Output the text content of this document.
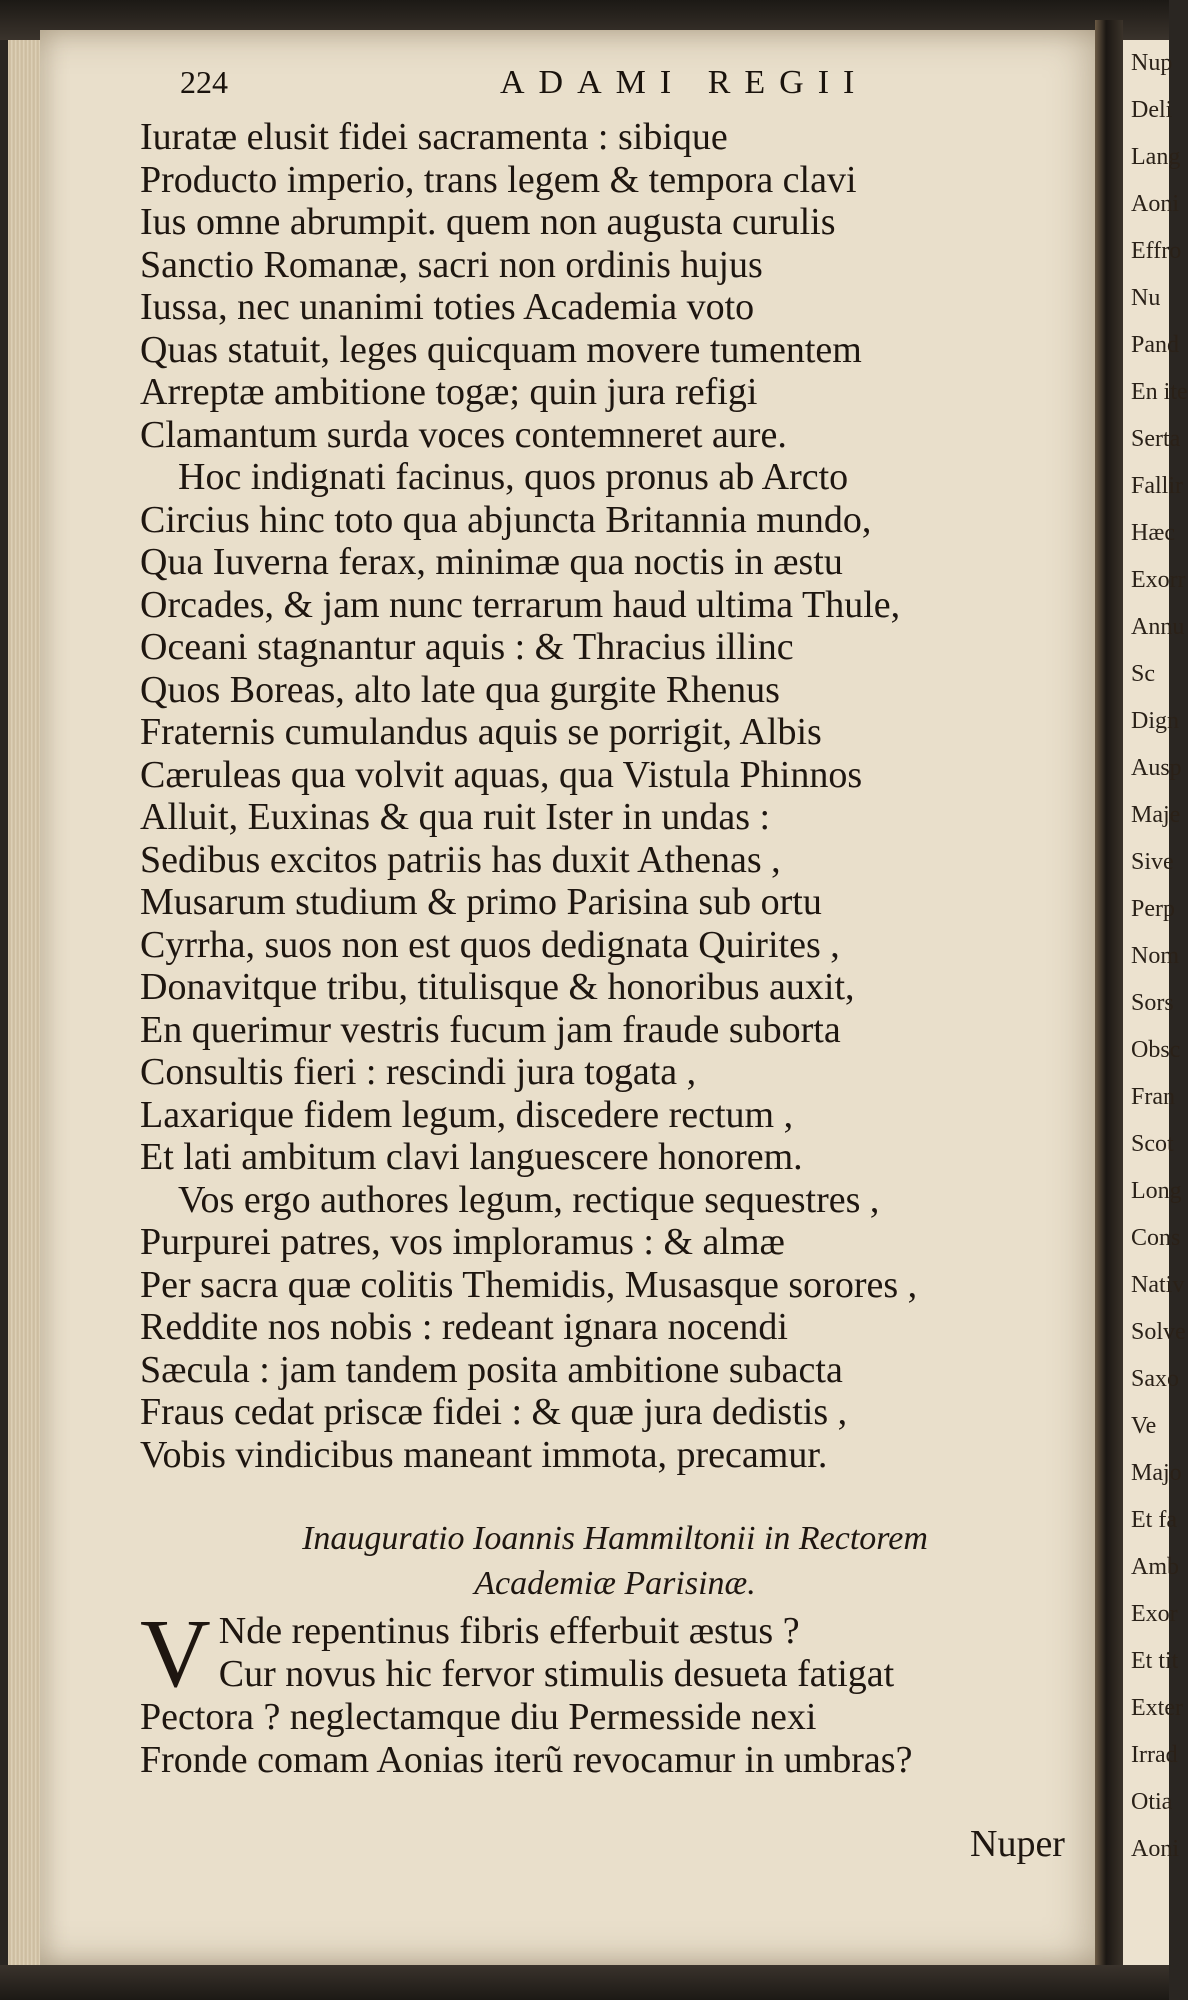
224	ADAMI REGII

Iuratæ elusit fidei sacramenta : sibique

Producto imperio, trans legem & tempora clavi

Ius omne abrumpit. quem non augusta curulis

Sanctio Romanæ, sacri non ordinis hujus

Iussa, nec unanimi toties Academia voto

Quas statuit, leges quicquam movere tumentem

Arreptæ ambitione togæ; quin jura refigi

Clamantum surda voces contemneret aure.

Hoc indignati facinus, quos pronus ab Arcto

Circius hinc toto qua abjuncta Britannia mundo,

Qua Iuverna ferax, minimæ qua noctis in æstu

Orcades, & jam nunc terrarum haud ultima Thule,

Oceani stagnantur aquis : & Thracius illinc

Quos Boreas, alto late qua gurgite Rhenus

Fraternis cumulandus aquis se porrigit, Albis

Cæruleas qua volvit aquas, qua Vistula Phinnos

Alluit, Euxinas & qua ruit Ister in undas :

Sedibus excitos patriis has duxit Athenas ,

Musarum studium & primo Parisina sub ortu

Cyrrha, suos non est quos dedignata Quirites ,

Donavitque tribu, titulisque & honoribus auxit,

En querimur vestris fucum jam fraude suborta

Consultis fieri : rescindi jura togata ,

Laxarique fidem legum, discedere rectum ,

Et lati ambitum clavi languescere honorem.

Vos ergo authores legum, rectique sequestres ,

Purpurei patres, vos imploramus : & almæ

Per sacra quæ colitis Themidis, Musasque sorores ,

Reddite nos nobis : redeant ignara nocendi

Sæcula : jam tandem posita ambitione subacta

Fraus cedat priscæ fidei : & quæ jura dedistis ,

Vobis vindicibus maneant immota, precamur.

Inauguratio Ioannis Hammiltonii in Rectorem
Academiæ Parisinæ.
V Nde repentinus fibris efferbuit æstus ?

Cur novus hic fervor stimulis desueta fatigat

Pectora ? neglectamque diu Permesside nexi

Fronde comam Aonias iterũ revocamur in umbras?

Nuper
Nup
Deli
Lang
Aoni
Effro
Nu
Pand
En ite
Serta
Fallir
Hæc
Exorr
Annu
Sc
Dign
Ausp
Maje
Sive
Perp
Nom
Sors
Obsc
Fran
Scot
Long
Cons
Nativ
Solve
Saxo
Ve
Majo
Et fa
Amb
Exor
Et tit
Exter
Irrad
Otia
Aoni
